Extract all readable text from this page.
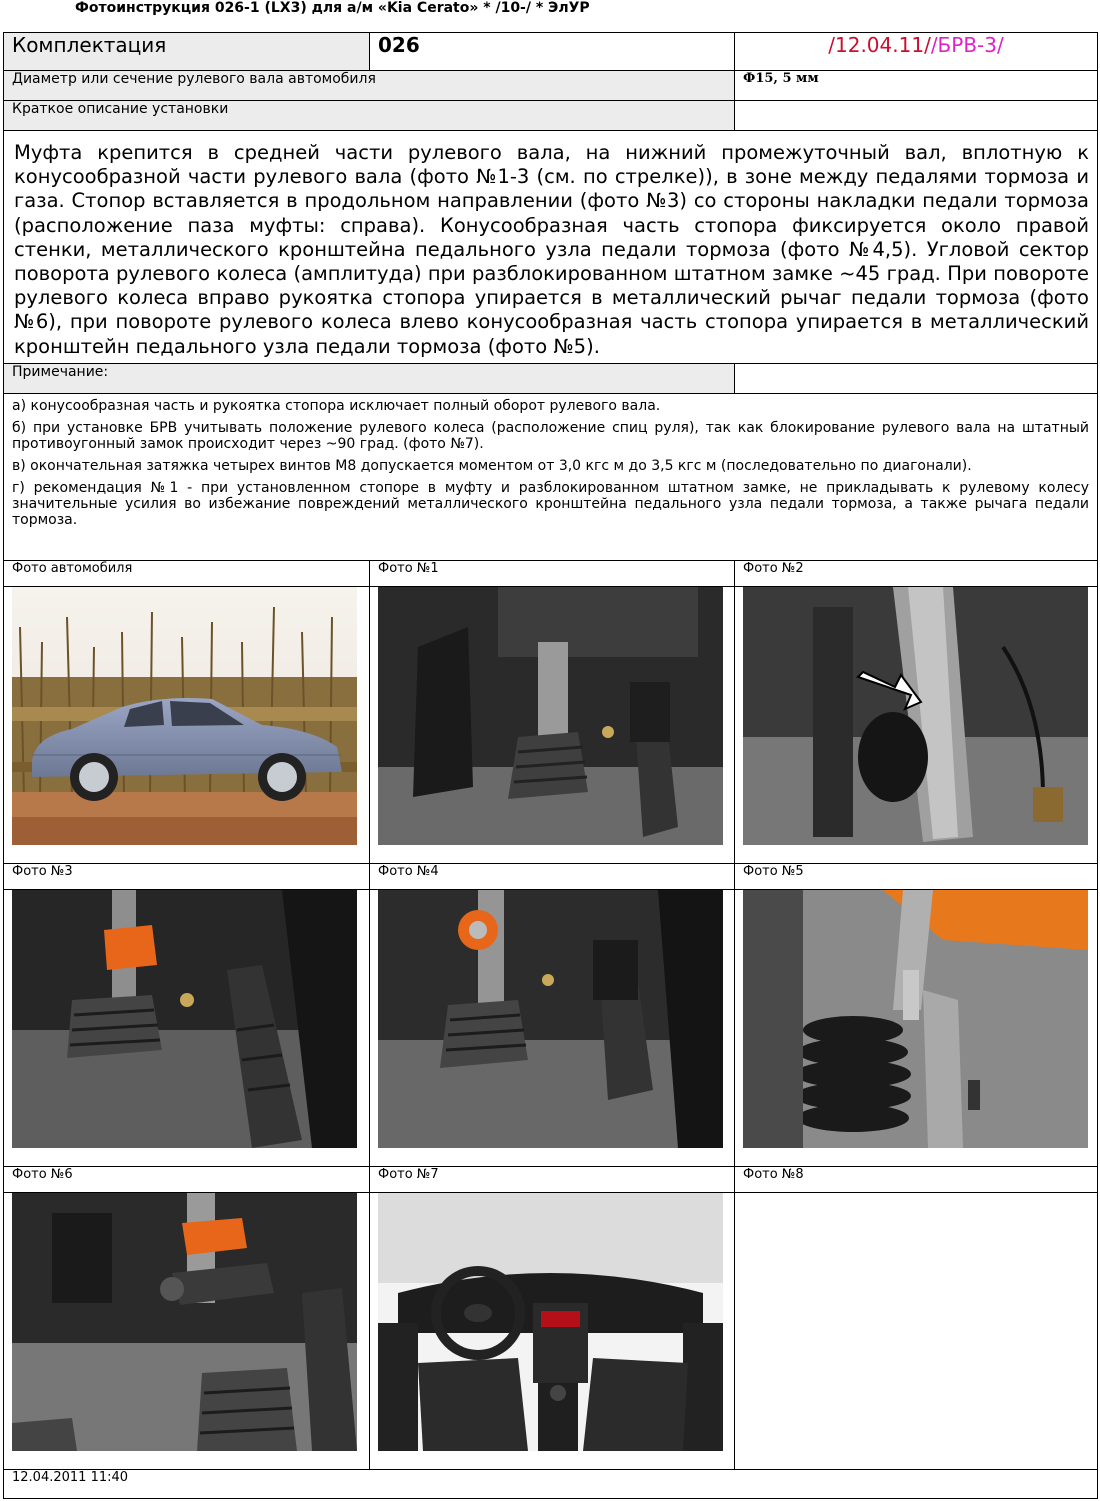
Фотоинструкция 026-1 (LX3) для а/м «Kia Cerato» * /10-/ * ЭлУР
Комплектация	026	/12.04.11//БРВ-3/
Диаметр или сечение рулевого вала автомобиля		Ф15, 5 мм
Краткое описание установки		
Муфта крепится в средней части рулевого вала, на нижний промежуточный вал, вплотную к конусообразной части рулевого вала (фото №1-3 (см. по стрелке)), в зоне между педалями тормоза и газа. Стопор вставляется в продольном направлении (фото №3) со стороны накладки педали тормоза (расположение паза муфты: справа). Конусообразная часть стопора фиксируется около правой стенки, металлического кронштейна педального узла педали тормоза (фото №4,5). Угловой сектор поворота рулевого колеса (амплитуда) при разблокированном штатном замке ~45 град. При повороте рулевого колеса вправо рукоятка стопора упирается в металлический рычаг педали тормоза (фото №6), при повороте рулевого колеса влево конусообразная часть стопора упирается в металлический кронштейн педального узла педали тормоза (фото №5).		
Примечание:		

а) конусообразная часть и рукоятка стопора исключает полный оборот рулевого вала.

б) при установке БРВ учитывать положение рулевого колеса (расположение спиц руля), так как блокирование рулевого вала на штатный противоугонный замок происходит через ~90 град. (фото №7).

в) окончательная затяжка четырех винтов М8 допускается моментом от 3,0 кгс м до 3,5 кгс м (последовательно по диагонали).

г) рекомендация №1 - при установленном стопоре в муфту и разблокированном штатном замке, не прикладывать к рулевому колесу значительные усилия во избежание повреждений металлического кронштейна педального узла педали тормоза, а также рычага педали тормоза.		

Фото автомобиля	Фото №1	Фото №2

Фото №3	Фото №4	Фото №5

Фото №6	Фото №7	Фото №8

12.04.2011 11:40		
